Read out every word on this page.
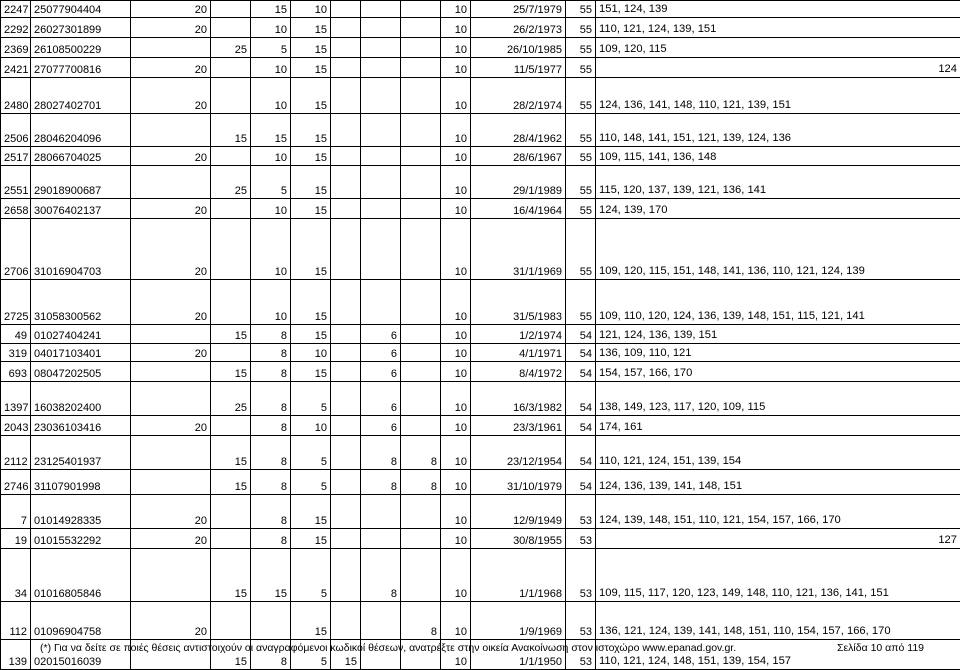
2247	25077904404	20		15	10				10	25/7/1979	55	151, 124, 139
2292	26027301899	20		10	15				10	26/2/1973	55	110, 121, 124, 139, 151
2369	26108500229		25	5	15				10	26/10/1985	55	109, 120, 115
2421	27077700816	20		10	15				10	11/5/1977	55	124
2480	28027402701	20		10	15				10	28/2/1974	55	124, 136, 141, 148, 110, 121, 139, 151
2506	28046204096		15	15	15				10	28/4/1962	55	110, 148, 141, 151, 121, 139, 124, 136
2517	28066704025	20		10	15				10	28/6/1967	55	109, 115, 141, 136, 148
2551	29018900687		25	5	15				10	29/1/1989	55	115, 120, 137, 139, 121, 136, 141
2658	30076402137	20		10	15				10	16/4/1964	55	124, 139, 170
2706	31016904703	20		10	15				10	31/1/1969	55	109, 120, 115, 151, 148, 141, 136, 110, 121, 124, 139
2725	31058300562	20		10	15				10	31/5/1983	55	109, 110, 120, 124, 136, 139, 148, 151, 115, 121, 141
49	01027404241		15	8	15		6		10	1/2/1974	54	121, 124, 136, 139, 151
319	04017103401	20		8	10		6		10	4/1/1971	54	136, 109, 110, 121
693	08047202505		15	8	15		6		10	8/4/1972	54	154, 157, 166, 170
1397	16038202400		25	8	5		6		10	16/3/1982	54	138, 149, 123, 117, 120, 109, 115
2043	23036103416	20		8	10		6		10	23/3/1961	54	174, 161
2112	23125401937		15	8	5		8	8	10	23/12/1954	54	110, 121, 124, 151, 139, 154
2746	31107901998		15	8	5		8	8	10	31/10/1979	54	124, 136, 139, 141, 148, 151
7	01014928335	20		8	15				10	12/9/1949	53	124, 139, 148, 151, 110, 121, 154, 157, 166, 170
19	01015532292	20		8	15				10	30/8/1955	53	127
34	01016805846		15	15	5		8		10	1/1/1968	53	109, 115, 117, 120, 123, 149, 148, 110, 121, 136, 141, 151
112	01096904758	20			15			8	10	1/9/1969	53	136, 121, 124, 139, 141, 148, 151, 110, 154, 157, 166, 170
139	02015016039		15	8	5	15			10	1/1/1950	53	110, 121, 124, 148, 151, 139, 154, 157
(*) Για να δείτε σε ποιές θέσεις αντιστοιχούν οι αναγραφόμενοι κωδικοί θέσεων, ανατρέξτε στην οικεία Ανακοίνωση στον ιστοχώρο www.epanad.gov.gr.	Σελίδα 10 από 119
